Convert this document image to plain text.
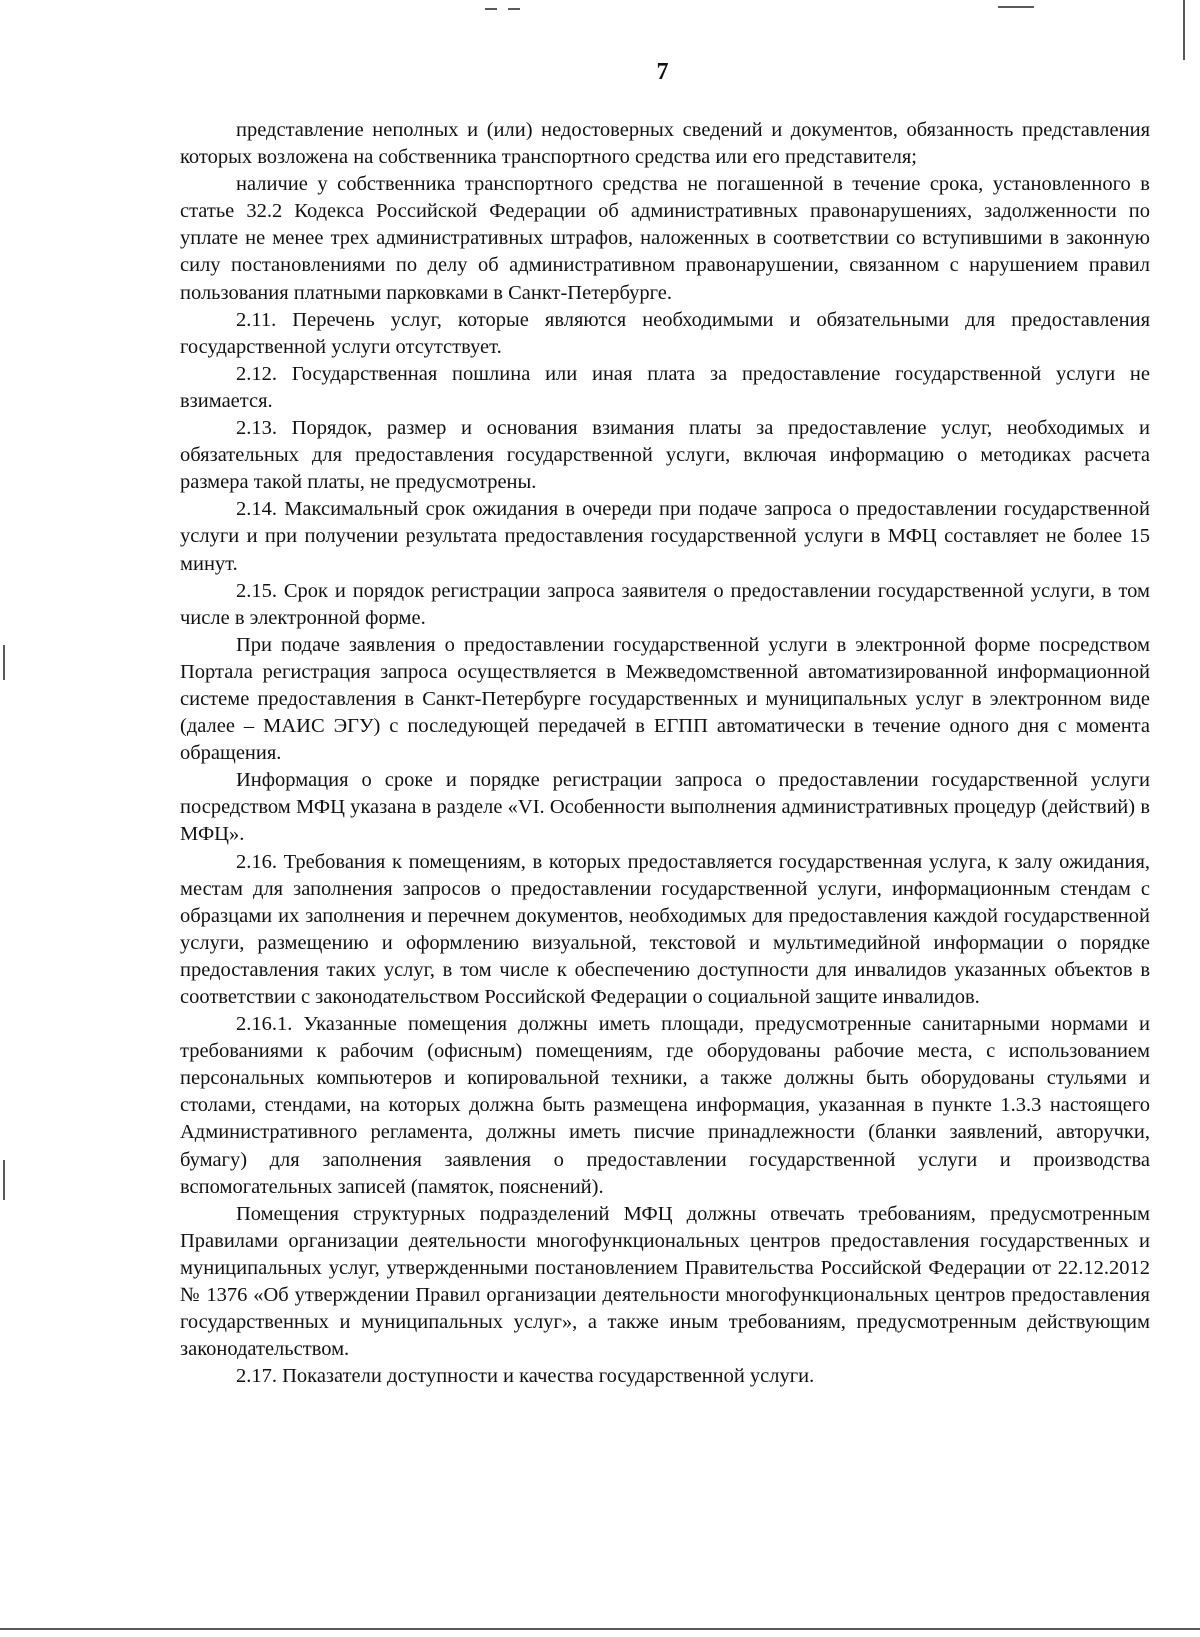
7

представление неполных и (или) недостоверных сведений и документов, обязанность представления которых возложена на собственника транспортного средства или его представителя;

наличие у собственника транспортного средства не погашенной в течение срока, установленного в статье 32.2 Кодекса Российской Федерации об административных правонарушениях, задолженности по уплате не менее трех административных штрафов, наложенных в соответствии со вступившими в законную силу постановлениями по делу об административном правонарушении, связанном с нарушением правил пользования платными парковками в Санкт-Петербурге.

2.11. Перечень услуг, которые являются необходимыми и обязательными для предоставления государственной услуги отсутствует.

2.12. Государственная пошлина или иная плата за предоставление государственной услуги не взимается.

2.13. Порядок, размер и основания взимания платы за предоставление услуг, необходимых и обязательных для предоставления государственной услуги, включая информацию о методиках расчета размера такой платы, не предусмотрены.

2.14. Максимальный срок ожидания в очереди при подаче запроса о предоставлении государственной услуги и при получении результата предоставления государственной услуги в МФЦ составляет не более 15 минут.

2.15. Срок и порядок регистрации запроса заявителя о предоставлении государственной услуги, в том числе в электронной форме.

При подаче заявления о предоставлении государственной услуги в электронной форме посредством Портала регистрация запроса осуществляется в Межведомственной автоматизированной информационной системе предоставления в Санкт-Петербурге государственных и муниципальных услуг в электронном виде (далее – МАИС ЭГУ) с последующей передачей в ЕГПП автоматически в течение одного дня с момента обращения.

Информация о сроке и порядке регистрации запроса о предоставлении государственной услуги посредством МФЦ указана в разделе «VI. Особенности выполнения административных процедур (действий) в МФЦ».

2.16. Требования к помещениям, в которых предоставляется государственная услуга, к залу ожидания, местам для заполнения запросов о предоставлении государственной услуги, информационным стендам с образцами их заполнения и перечнем документов, необходимых для предоставления каждой государственной услуги, размещению и оформлению визуальной, текстовой и мультимедийной информации о порядке предоставления таких услуг, в том числе к обеспечению доступности для инвалидов указанных объектов в соответствии с законодательством Российской Федерации о социальной защите инвалидов.

2.16.1. Указанные помещения должны иметь площади, предусмотренные санитарными нормами и требованиями к рабочим (офисным) помещениям, где оборудованы рабочие места, с использованием персональных компьютеров и копировальной техники, а также должны быть оборудованы стульями и столами, стендами, на которых должна быть размещена информация, указанная в пункте 1.3.3 настоящего Административного регламента, должны иметь писчие принадлежности (бланки заявлений, авторучки, бумагу) для заполнения заявления о предоставлении государственной услуги и производства вспомогательных записей (памяток, пояснений).

Помещения структурных подразделений МФЦ должны отвечать требованиям, предусмотренным Правилами организации деятельности многофункциональных центров предоставления государственных и муниципальных услуг, утвержденными постановлением Правительства Российской Федерации от 22.12.2012 № 1376 «Об утверждении Правил организации деятельности многофункциональных центров предоставления государственных и муниципальных услуг», а также иным требованиям, предусмотренным действующим законодательством.

2.17. Показатели доступности и качества государственной услуги.
